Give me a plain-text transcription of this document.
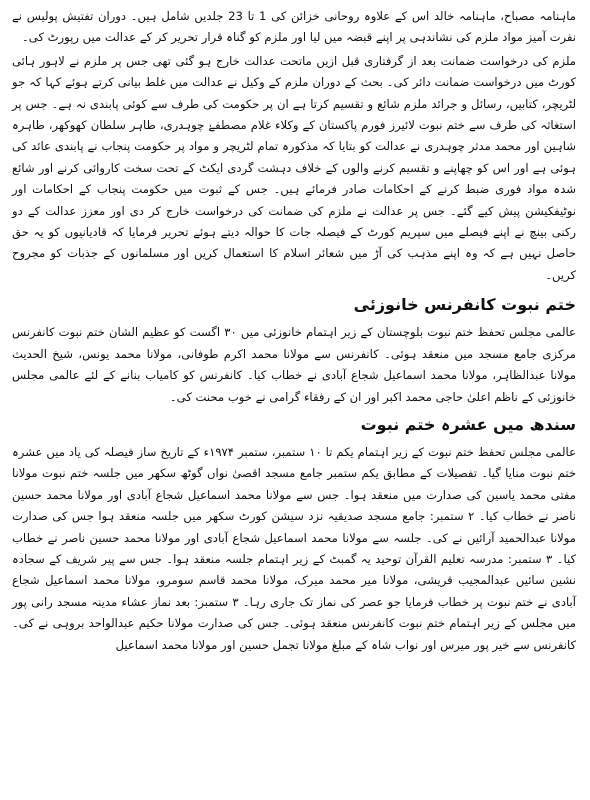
ماہنامہ مصباح، ماہنامہ خالد اس کے علاوہ روحانی خزائن کی 1 تا 23 جلدیں شامل ہیں۔ دوران تفتیش پولیس نے نفرت آمیز مواد ملزم کی نشاندہی پر اپنے قبضہ میں لیا اور ملزم کو گناہ قرار تحریر کر کے عدالت میں رپورٹ کی۔

ملزم کی درخواست ضمانت بعد از گرفتاری قبل ازیں ماتحت عدالت خارج ہو گئی تھی جس پر ملزم نے لاہور ہائی کورٹ میں درخواست ضمانت دائر کی۔ بحث کے دوران ملزم کے وکیل نے عدالت میں غلط بیانی کرتے ہوئے کہا کہ جو لٹریچر، کتابیں، رسائل و جرائد ملزم شائع و تقسیم کرتا ہے ان پر حکومت کی طرف سے کوئی پابندی نہ ہے۔ جس پر استغاثہ کی طرف سے ختم نبوت لائیرز فورم پاکستان کے وکلاء غلام مصطفےٰ چوہدری، طاہر سلطان کھوکھر، طاہرہ شاہین اور محمد مدثر چوہدری نے عدالت کو بتایا کہ مذکورہ تمام لٹریچر و مواد پر حکومت پنجاب نے پابندی عائد کی ہوئی ہے اور اس کو چھاپنے و تقسیم کرنے والوں کے خلاف دہشت گردی ایکٹ کے تحت سخت کاروائی کرنے اور شائع شدہ مواد فوری ضبط کرنے کے احکامات صادر فرمائے ہیں۔ جس کے ثبوت میں حکومت پنجاب کے احکامات اور نوٹیفکیشن پیش کیے گئے۔ جس پر عدالت نے ملزم کی ضمانت کی درخواست خارج کر دی اور معزز عدالت کے دو رکنی بینچ نے اپنے فیصلے میں سپریم کورٹ کے فیصلہ جات کا حوالہ دیتے ہوئے تحریر فرمایا کہ قادیانیوں کو یہ حق حاصل نہیں ہے کہ وہ اپنے مذہب کی آڑ میں شعائر اسلام کا استعمال کریں اور مسلمانوں کے جذبات کو مجروح کریں۔

ختم نبوت کانفرنس خانوزئی

عالمی مجلس تحفظ ختم نبوت بلوچستان کے زیر اہتمام خانوزئی میں ۳۰ اگست کو عظیم الشان ختم نبوت کانفرنس مرکزی جامع مسجد میں منعقد ہوئی۔ کانفرنس سے مولانا محمد اکرم طوفانی، مولانا محمد یونس، شیخ الحدیث مولانا عبدالظاہر، مولانا محمد اسماعیل شجاع آبادی نے خطاب کیا۔ کانفرنس کو کامیاب بنانے کے لئے عالمی مجلس خانوزئی کے ناظم اعلیٰ حاجی محمد اکبر اور ان کے رفقاء گرامی نے خوب محنت کی۔

سندھ میں عشرہ ختم نبوت

عالمی مجلس تحفظ ختم نبوت کے زیر اہتمام یکم تا ۱۰ ستمبر، ستمبر ۱۹۷۴ء کے تاریخ ساز فیصلہ کی یاد میں عشرہ ختم نبوت منایا گیا۔ تفصیلات کے مطابق یکم ستمبر جامع مسجد اقصیٰ نواں گوٹھ سکھر میں جلسہ ختم نبوت مولانا مفتی محمد یاسین کی صدارت میں منعقد ہوا۔ جس سے مولانا محمد اسماعیل شجاع آبادی اور مولانا محمد حسین ناصر نے خطاب کیا۔ ۲ ستمبر: جامع مسجد صدیقیہ نزد سیشن کورٹ سکھر میں جلسہ منعقد ہوا جس کی صدارت مولانا عبدالحمید آرائیں نے کی۔ جلسہ سے مولانا محمد اسماعیل شجاع آبادی اور مولانا محمد حسین ناصر نے خطاب کیا۔ ۳ ستمبر: مدرسہ تعلیم القرآن توحید یہ گمبٹ کے زیر اہتمام جلسہ منعقد ہوا۔ جس سے پیر شریف کے سجادہ نشین سائیں عبدالمجیب قریشی، مولانا میر محمد میرک، مولانا محمد قاسم سومرو، مولانا محمد اسماعیل شجاع آبادی نے ختم نبوت پر خطاب فرمایا جو عصر کی نماز تک جاری رہا۔ ۳ ستمبر: بعد نماز عشاء مدینہ مسجد رانی پور میں مجلس کے زیر اہتمام ختم نبوت کانفرنس منعقد ہوئی۔ جس کی صدارت مولانا حکیم عبدالواحد بروہی نے کی۔ کانفرنس سے خیر پور میرس اور نواب شاہ کے مبلغ مولانا تجمل حسین اور مولانا محمد اسماعیل
